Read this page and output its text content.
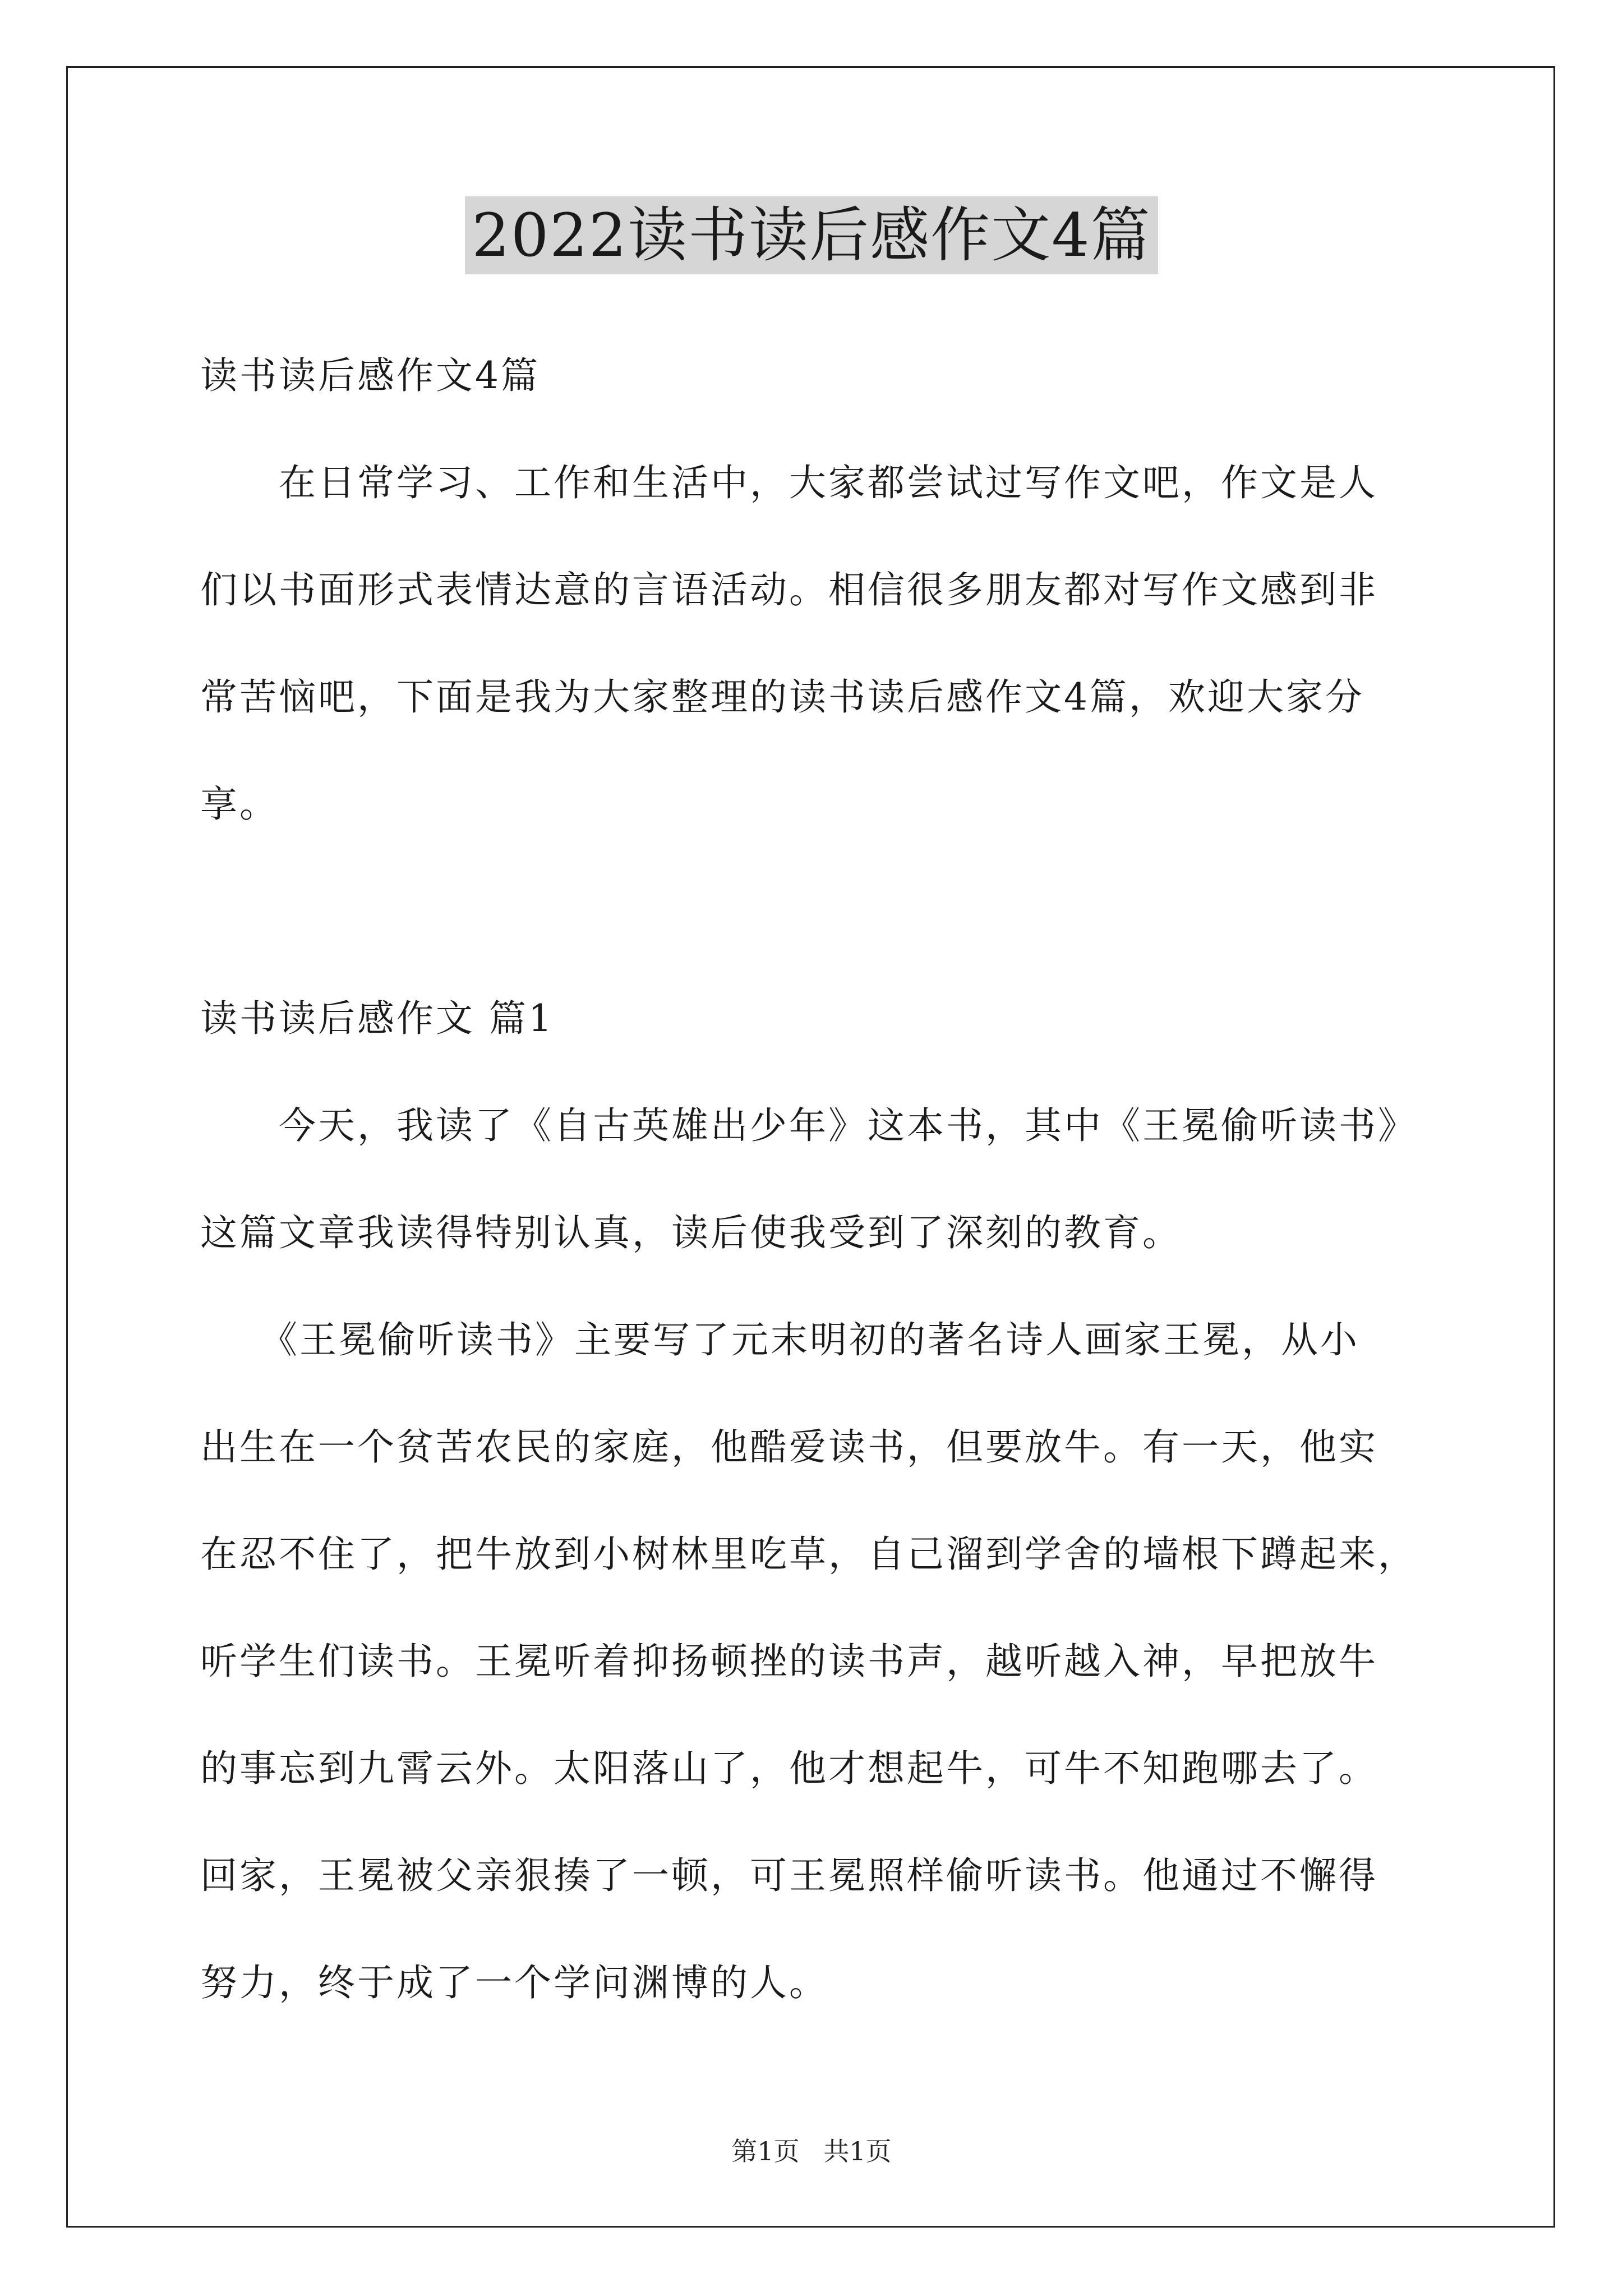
2022读书读后感作文4篇
读书读后感作文4篇
　　在日常学习、工作和生活中，大家都尝试过写作文吧，作文是人
们以书面形式表情达意的言语活动。相信很多朋友都对写作文感到非
常苦恼吧，下面是我为大家整理的读书读后感作文4篇，欢迎大家分
享。
读书读后感作文 篇1
　　今天，我读了《自古英雄出少年》这本书，其中《王冕偷听读书》
这篇文章我读得特别认真，读后使我受到了深刻的教育。
　　《王冕偷听读书》主要写了元末明初的著名诗人画家王冕，从小
出生在一个贫苦农民的家庭，他酷爱读书，但要放牛。有一天，他实
在忍不住了，把牛放到小树林里吃草，自己溜到学舍的墙根下蹲起来，
听学生们读书。王冕听着抑扬顿挫的读书声，越听越入神，早把放牛
的事忘到九霄云外。太阳落山了，他才想起牛，可牛不知跑哪去了。
回家，王冕被父亲狠揍了一顿，可王冕照样偷听读书。他通过不懈得
努力，终于成了一个学问渊博的人。
第1页 共1页
